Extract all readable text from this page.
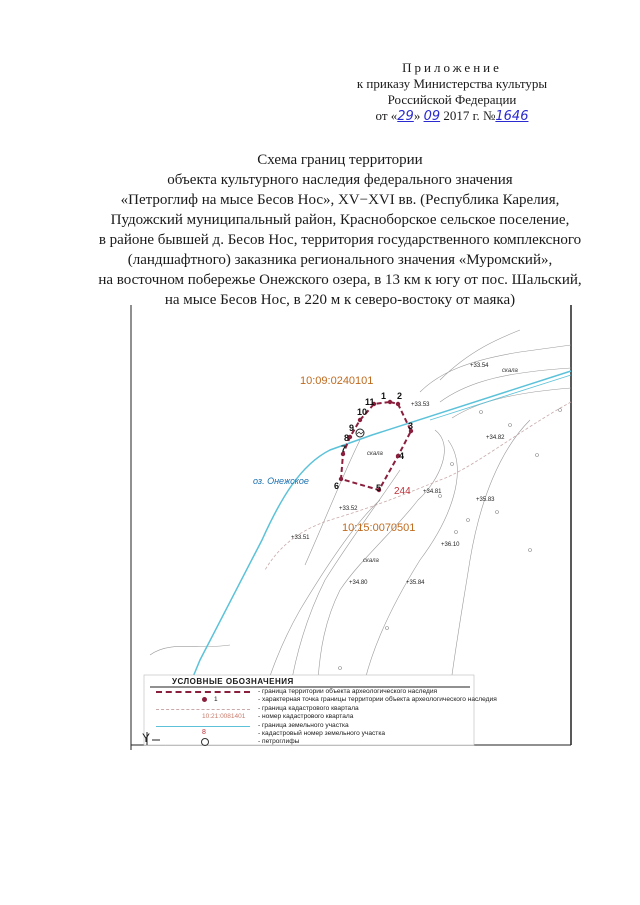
Приложение
к приказу Министерства культуры
Российской Федерации
от «29» 09 2017 г. №1646
Схема границ территории
объекта культурного наследия федерального значения
«Петроглиф на мысе Бесов Нос», XV−XVI вв. (Республика Карелия,
Пудожский муниципальный район, Красноборское сельское поселение,
в районе бывшей д. Бесов Нос, территория государственного комплексного
(ландшафтного) заказника регионального значения «Муромский»,
на восточном побережье Онежского озера, в 13 км к югу от пос. Шальский,
на мысе Бесов Нос, в 220 м к северо-востоку от маяка)
1 2
3
4
5
6
7
8
9
10
11
10:09:0240101
10:15:0070501
244
оз. Онежское
скала
скала
скала
+33.54
+33.53
+34.82
+34.81
+35.83
+33.52
+33.51
+36.10
+34.80	+35.84
Y
УСЛОВНЫЕ ОБОЗНАЧЕНИЯ
- граница территории объекта археологического наследия
1	- характерная точка границы территории объекта археологического наследия
- граница кадастрового квартала
10:21:0081401 - номер кадастрового квартала
- граница земельного участка
8	- кадастровый номер земельного участка
- петроглифы
